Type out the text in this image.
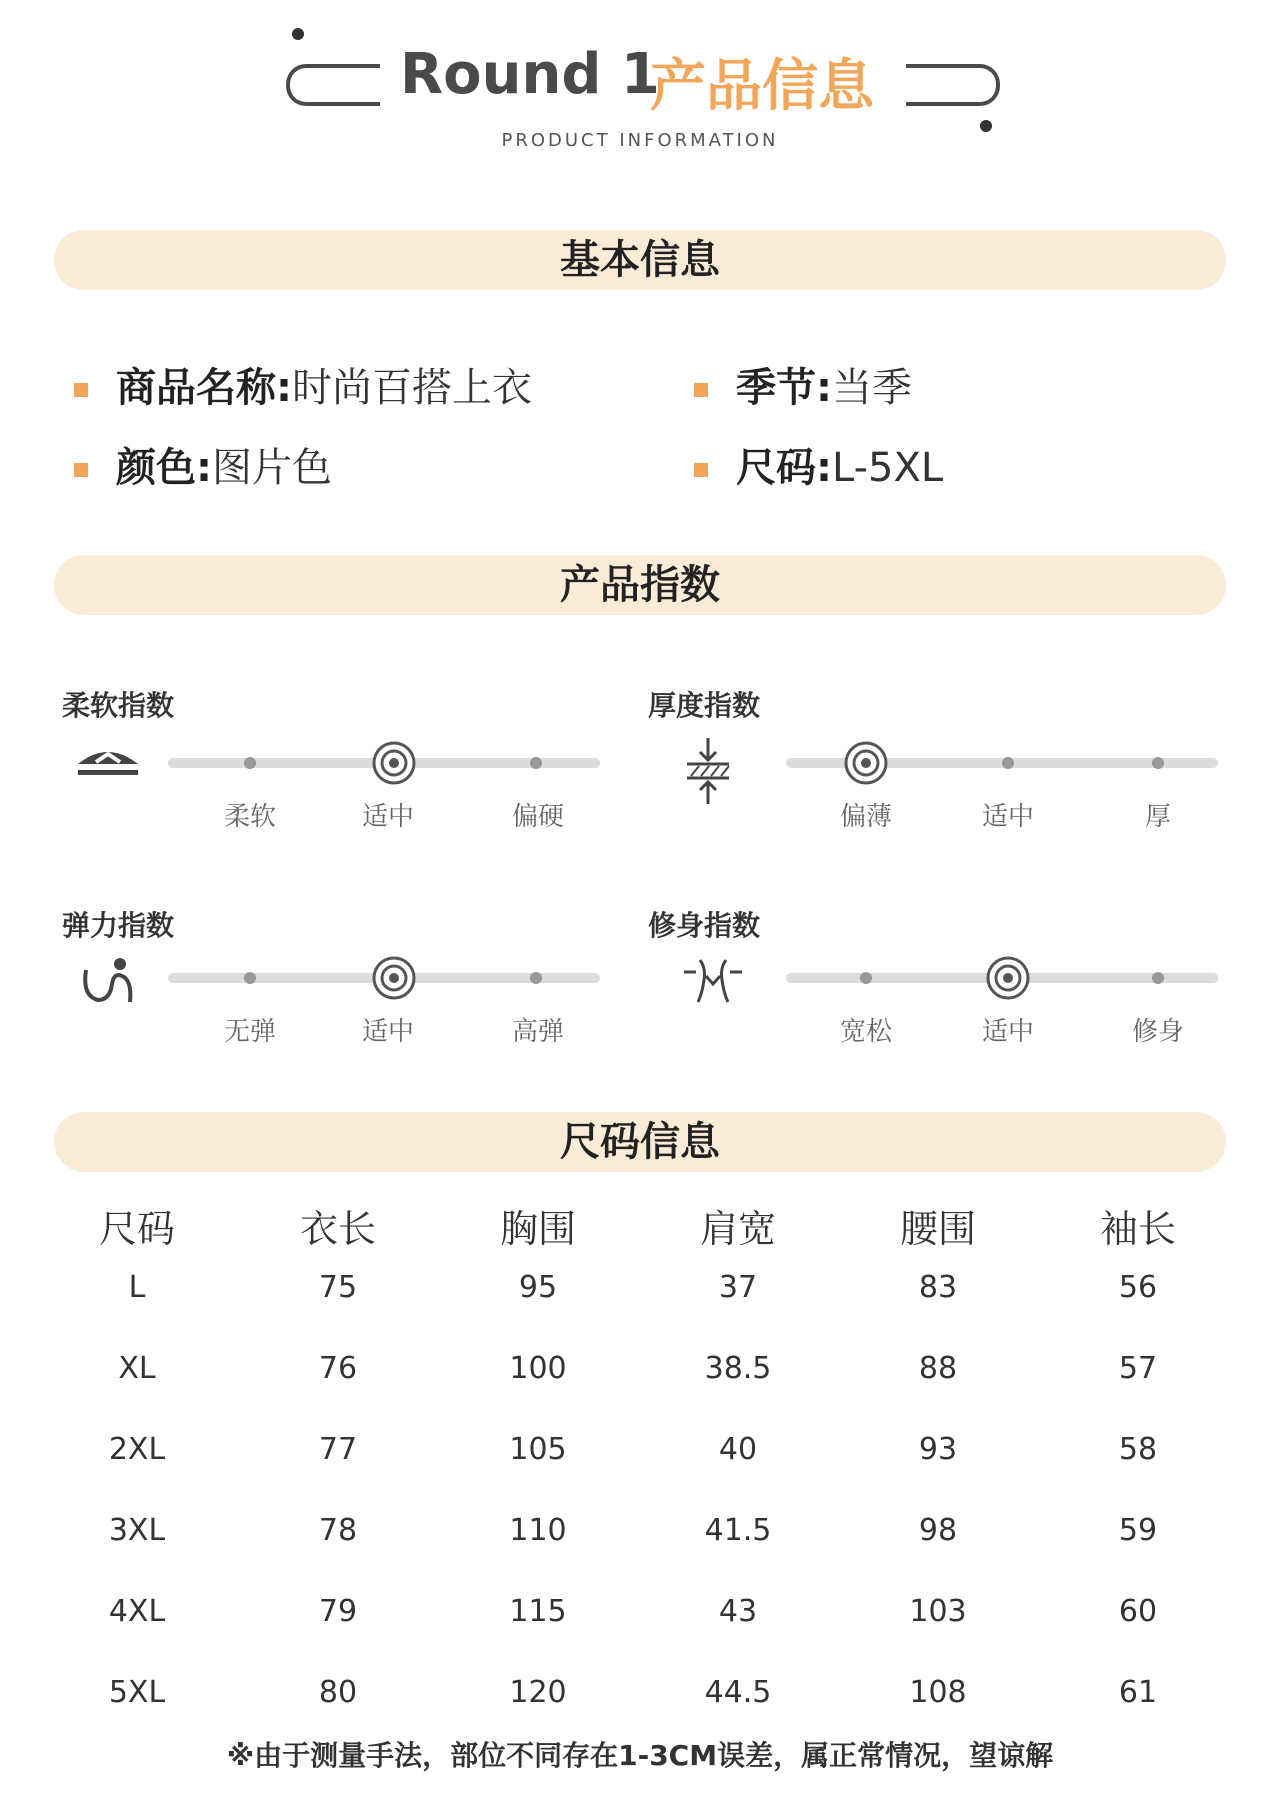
Round 1
产品信息
PRODUCT INFORMATION
基本信息
商品名称:时尚百搭上衣	季节:当季
颜色:图片色	尺码:L-5XL
产品指数
柔软指数
柔软	适中	偏硬
厚度指数
偏薄	适中	厚
弹力指数
无弹	适中	高弹
修身指数
宽松	适中	修身
尺码信息
尺码	衣长	胸围	肩宽	腰围	袖长
L	75	95	37	83	56
XL	76	100	38.5	88	57
2XL	77	105	40	93	58
3XL	78	110	41.5	98	59
4XL	79	115	43	103	60
5XL	80	120	44.5	108	61
※由于测量手法，部位不同存在1-3CM误差，属正常情况，望谅解
